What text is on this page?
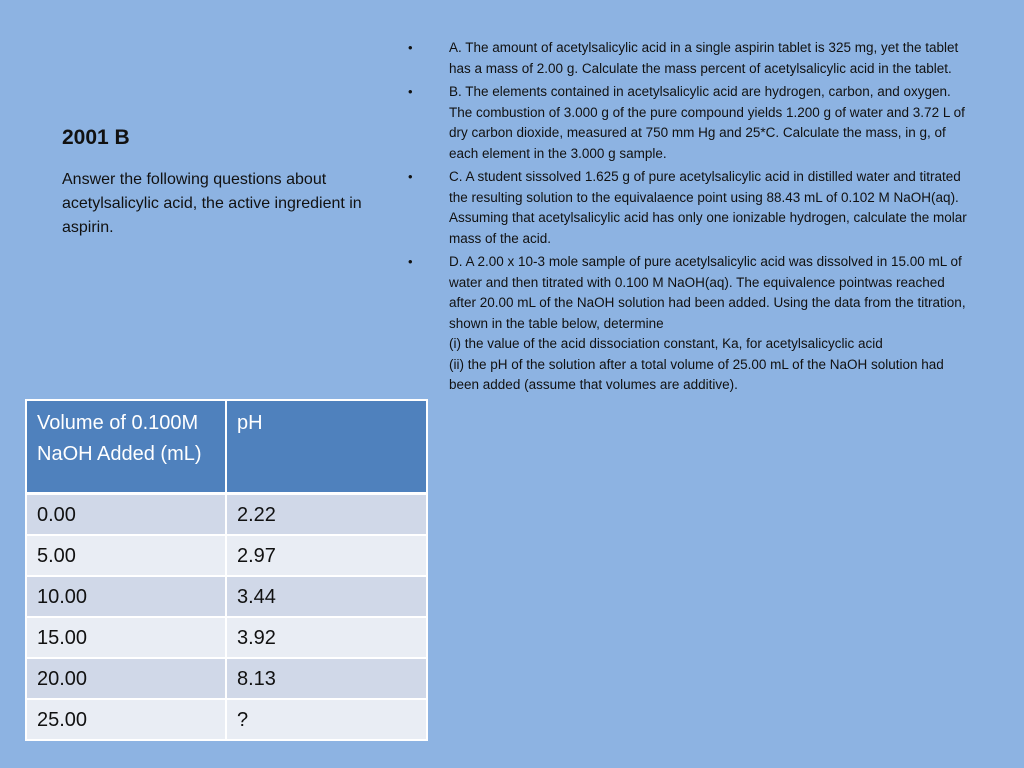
2001 B

Answer the following questions about acetylsalicylic acid, the active ingredient in aspirin.

•	A. The amount of acetylsalicylic acid in a single aspirin tablet is 325 mg, yet the tablet has a mass of 2.00 g. Calculate the mass percent of acetylsalicylic acid in the tablet.
•	B. The elements contained in acetylsalicylic acid are hydrogen, carbon, and oxygen. The combustion of 3.000 g of the pure compound yields 1.200 g of water and 3.72 L of dry carbon dioxide, measured at 750 mm Hg and 25*C. Calculate the mass, in g, of each element in the 3.000 g sample.
•	C. A student sissolved 1.625 g of pure acetylsalicylic acid in distilled water and titrated the resulting solution to the equivalaence point using 88.43 mL of 0.102 M NaOH(aq). Assuming that acetylsalicylic acid has only one ionizable hydrogen, calculate the molar mass of the acid.
•	D. A 2.00 x 10-3 mole sample of pure acetylsalicylic acid was dissolved in 15.00 mL of water and then titrated with 0.100 M NaOH(aq). The equivalence pointwas reached after 20.00 mL of the NaOH solution had been added. Using the data from the titration, shown in the table below, determine
(i) the value of the acid dissociation constant, Ka, for acetylsalicyclic acid
(ii) the pH of the solution after a total volume of 25.00 mL of the NaOH solution had been added (assume that volumes are additive).
Volume of 0.100M NaOH Added (mL)	pH
0.00	2.22
5.00	2.97
10.00	3.44
15.00	3.92
20.00	8.13
25.00	?
